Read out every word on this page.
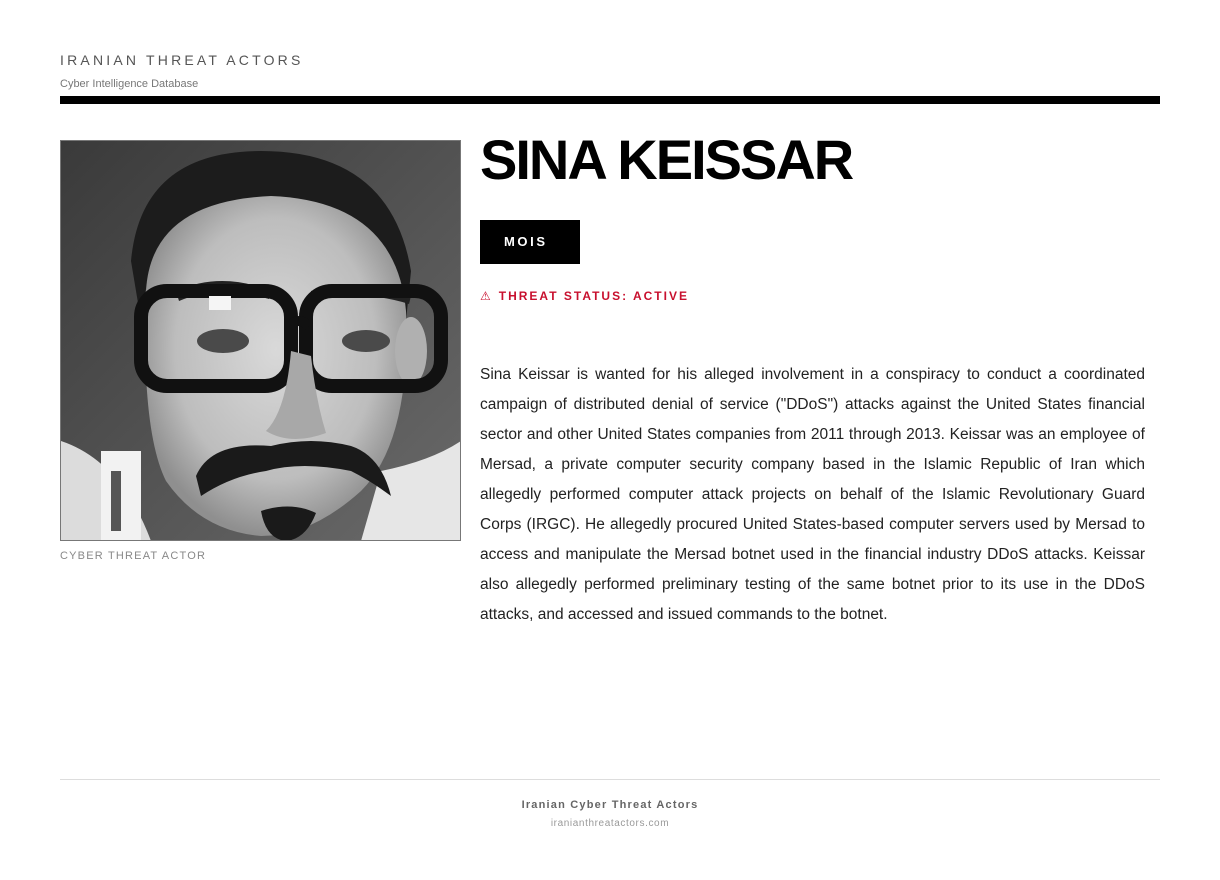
IRANIAN THREAT ACTORS
Cyber Intelligence Database
CYBER THREAT ACTOR
SINA KEISSAR
MOIS
⚠ THREAT STATUS: ACTIVE

Sina Keissar is wanted for his alleged involvement in a conspiracy to conduct a coordinated campaign of distributed denial of service ("DDoS") attacks against the United States financial sector and other United States companies from 2011 through 2013. Keissar was an employee of Mersad, a private computer security company based in the Islamic Republic of Iran which allegedly performed computer attack projects on behalf of the Islamic Revolutionary Guard Corps (IRGC). He allegedly procured United States-based computer servers used by Mersad to access and manipulate the Mersad botnet used in the financial industry DDoS attacks. Keissar also allegedly performed preliminary testing of the same botnet prior to its use in the DDoS attacks, and accessed and issued commands to the botnet.

Iranian Cyber Threat Actors
iranianthreatactors.com
